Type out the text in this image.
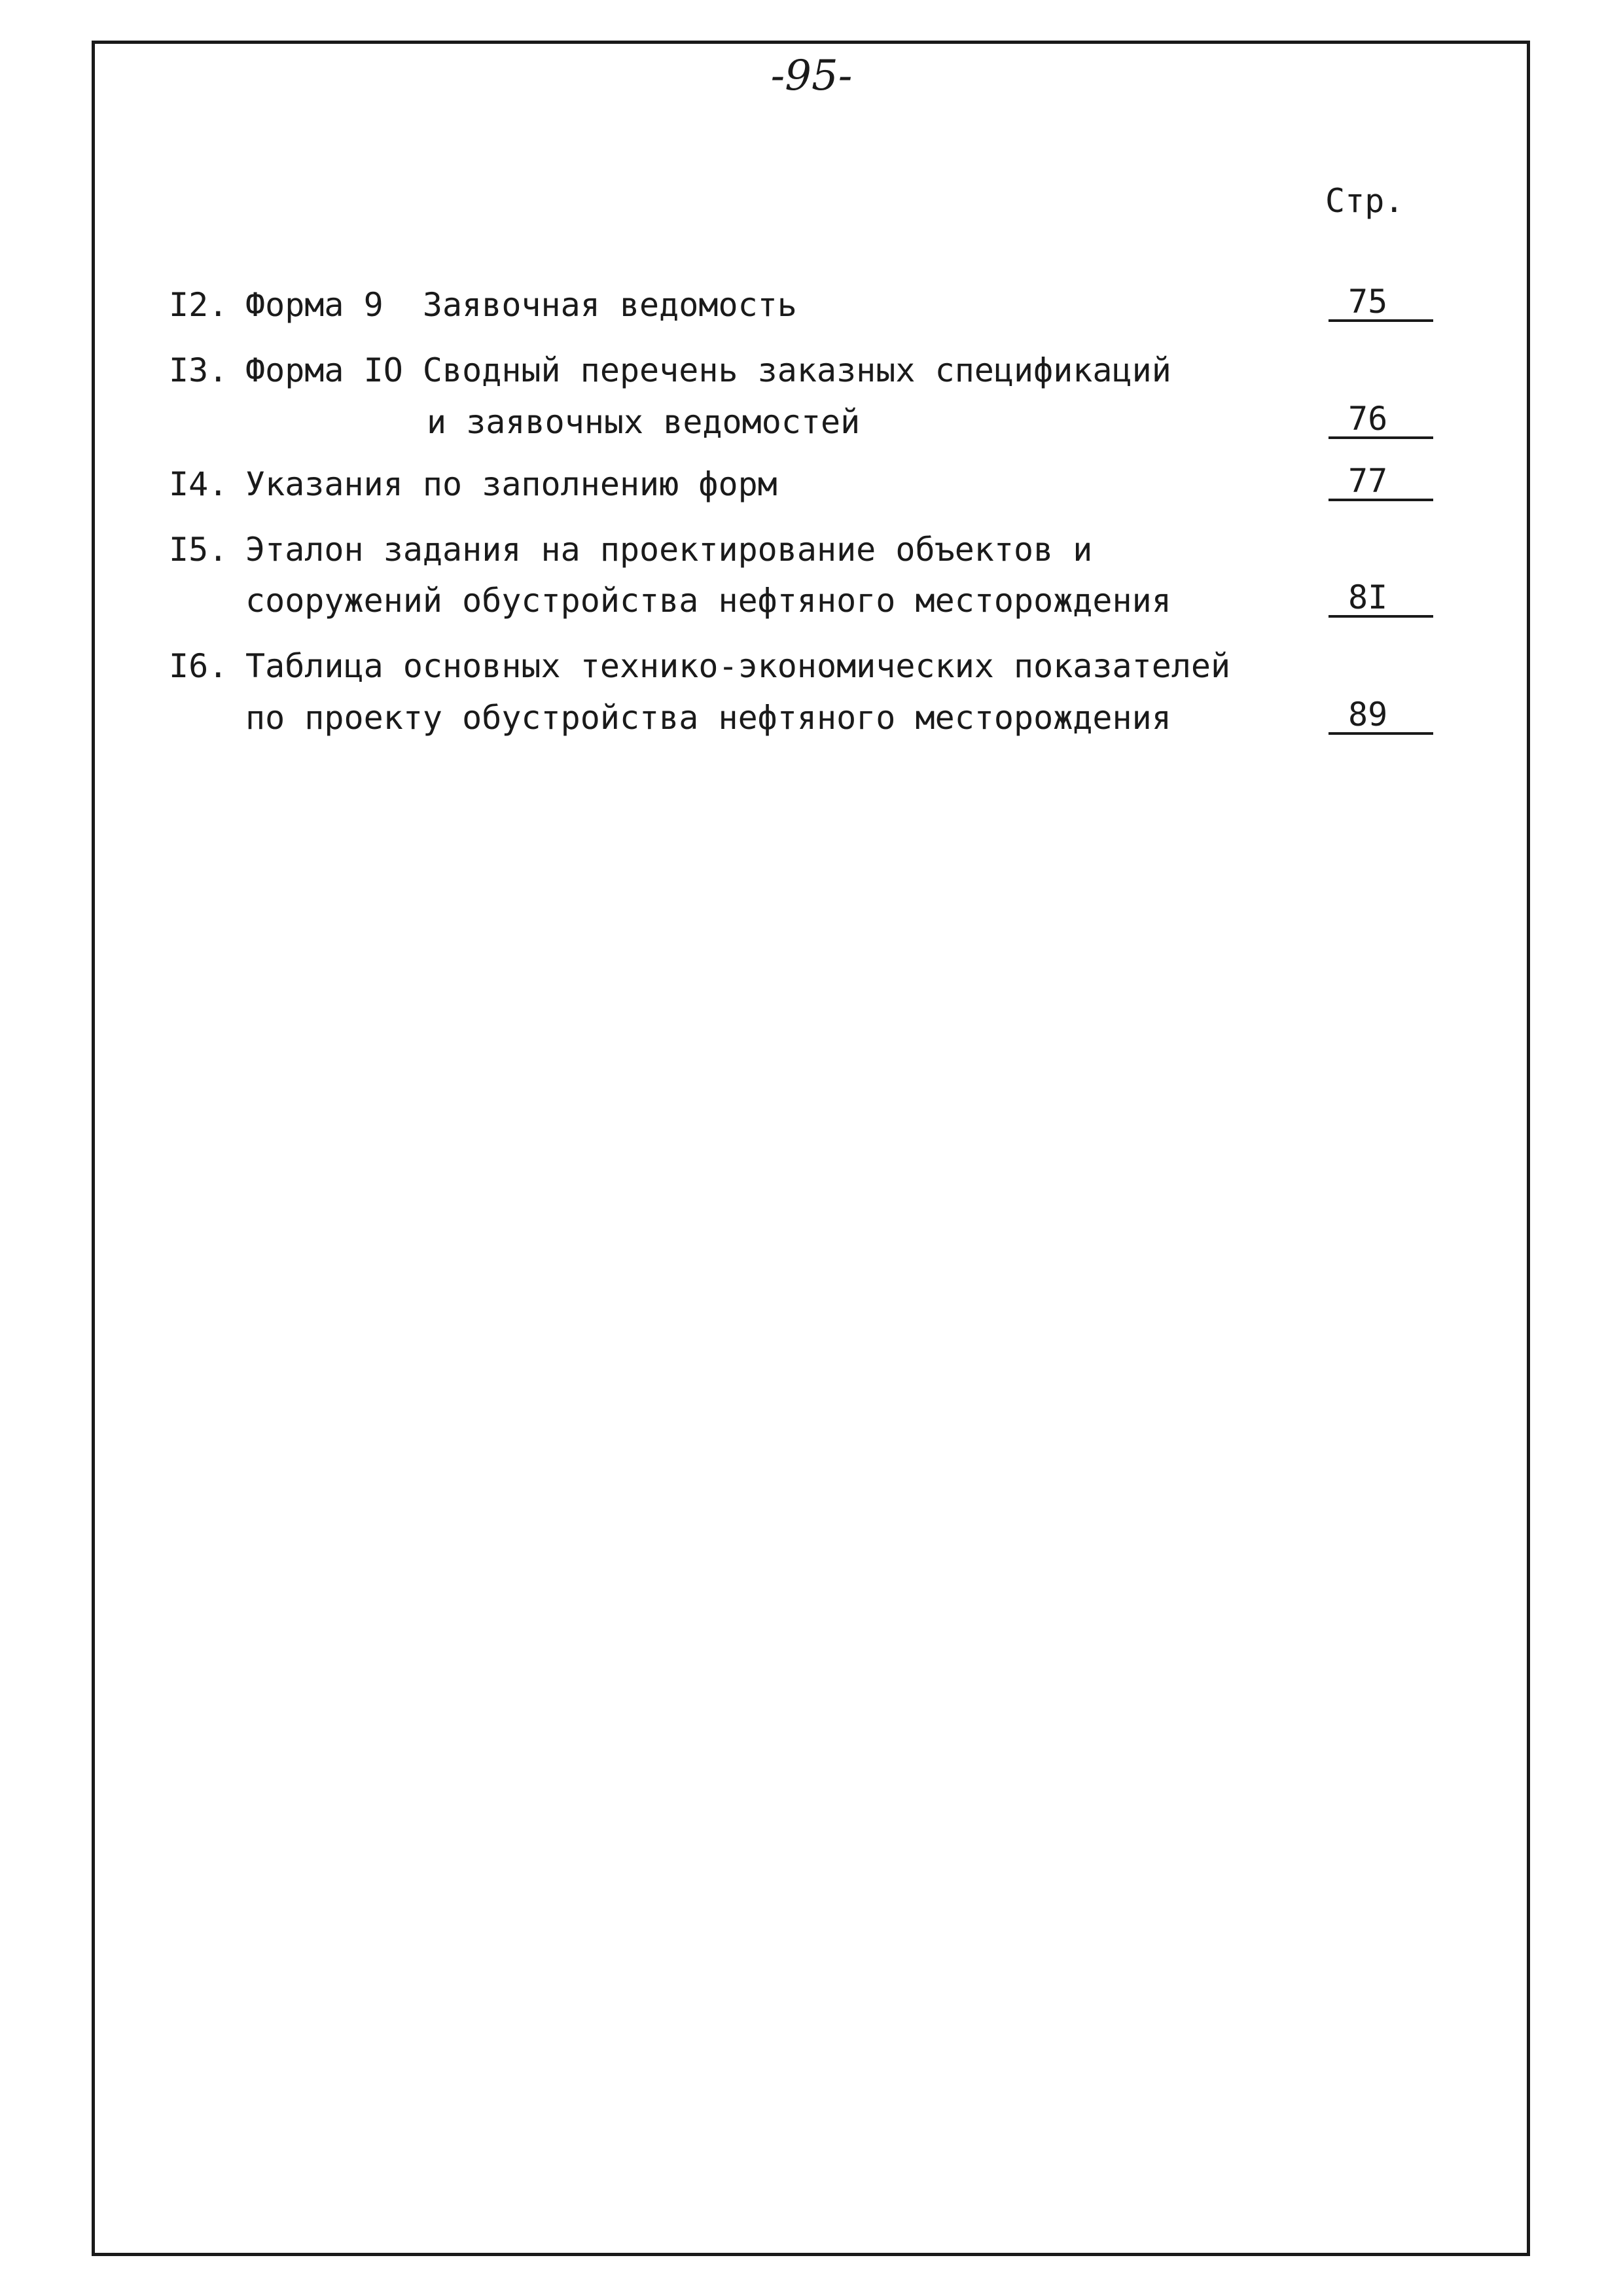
-95-
Стр.
I2. Форма 9  Заявочная ведомость	75
I3. Форма IO Сводный перечень заказных спецификаций
и заявочных ведомостей	76
I4. Указания по заполнению форм	77
I5. Эталон задания на проектирование объектов и
сооружений обустройства нефтяного месторождения	8I
I6. Таблица основных технико-экономических показателей
по проекту обустройства нефтяного месторождения	89
